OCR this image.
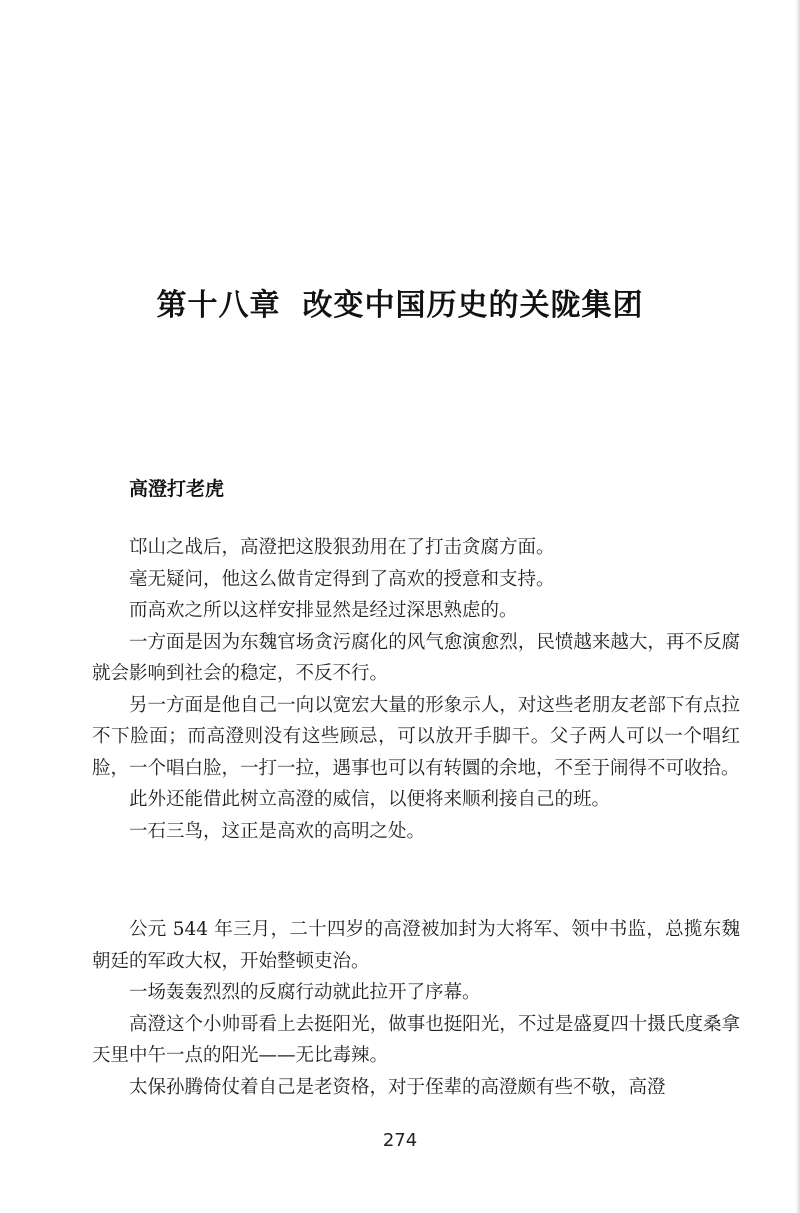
第十八章 改变中国历史的关陇集团
高澄打老虎

邙山之战后，高澄把这股狠劲用在了打击贪腐方面。

毫无疑问，他这么做肯定得到了高欢的授意和支持。

而高欢之所以这样安排显然是经过深思熟虑的。

一方面是因为东魏官场贪污腐化的风气愈演愈烈，民愤越来越大，再不反腐就会影响到社会的稳定，不反不行。

另一方面是他自己一向以宽宏大量的形象示人，对这些老朋友老部下有点拉不下脸面；而高澄则没有这些顾忌，可以放开手脚干。父子两人可以一个唱红脸，一个唱白脸，一打一拉，遇事也可以有转圜的余地，不至于闹得不可收拾。

此外还能借此树立高澄的威信，以便将来顺利接自己的班。

一石三鸟，这正是高欢的高明之处。

公元 544 年三月，二十四岁的高澄被加封为大将军、领中书监，总揽东魏朝廷的军政大权，开始整顿吏治。

一场轰轰烈烈的反腐行动就此拉开了序幕。

高澄这个小帅哥看上去挺阳光，做事也挺阳光，不过是盛夏四十摄氏度桑拿天里中午一点的阳光——无比毒辣。

太保孙腾倚仗着自己是老资格，对于侄辈的高澄颇有些不敬，高澄

274
